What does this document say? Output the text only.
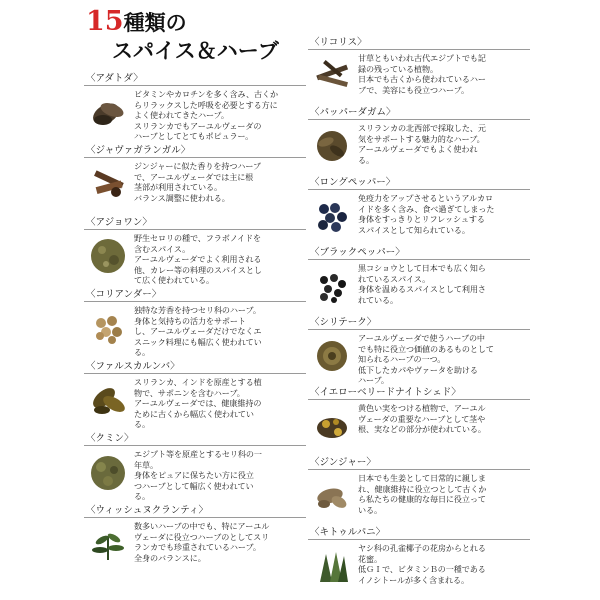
15種類の
スパイス＆ハーブ
〈アダトダ〉
ビタミンやカロチンを多く含み、古くか
らリラックスした呼吸を必要とする方に
よく使われてきたハーブ。
スリランカでもアーユルヴェーダの
ハーブとしてとてもポピュラー。
〈ジャヴァガランガル〉
ジンジャーに似た香りを持つハーブ
で、アーユルヴェーダでは主に根
茎部が利用されている。
バランス調整に使われる。
〈アジョワン〉
野生セロリの種で、フラボノイドを
含むスパイス。
アーユルヴェーダでよく利用される
他、カレー等の料理のスパイスとし
て広く使われている。
〈コリアンダー〉
独特な芳香を持つセリ科のハーブ。
身体と気持ちの活力をサポート
し、アーユルヴェーダだけでなくエ
スニック料理にも幅広く使われてい
る。
〈ファルスカルンバ〉
スリランカ、インドを原産とする植
物で、サポニンを含むハーブ。
アーユルヴェーダでは、健康維持の
ために古くから幅広く使われてい
る。
〈クミン〉
エジプト等を原産とするセリ科の一
年草。
身体をピュアに保ちたい方に役立
つハーブとして幅広く使われてい
る。
〈ウィッシュヌクランティ〉
数多いハーブの中でも、特にアーユル
ヴェーダに役立つハーブのとしてスリ
ランカでも珍重されているハーブ。
全身のバランスに。
〈リコリス〉
甘草ともいわれ古代エジプトでも記
録の残っている植物。
日本でも古くから使われているハー
ブで、美容にも役立つハーブ。
〈パッパーダガム〉
スリランカの北西部で採取した、元
気をサポートする魅力的なハーブ。
アーユルヴェーダでもよく使われ
る。
〈ロングペッパー〉
免疫力をアップさせるというアルカロ
イドを多く含み、食べ過ぎてしまった
身体をすっきりとリフレッシュする
スパイスとして知られている。
〈ブラックペッパー〉
黒コショウとして日本でも広く知ら
れているスパイス。
身体を温めるスパイスとして利用さ
れている。
〈シリテーク〉
アーユルヴェーダで使うハーブの中
でも特に役立つ価値のあるものとして
知られるハーブの一つ。
低下したカパやヴァータを助ける
ハーブ。
〈イエローベリードナイトシェド〉
黄色い実をつける植物で、アーユル
ヴェーダの重要なハーブとして茎や
根、実などの部分が使われている。
〈ジンジャー〉
日本でも生姜として日常的に親しま
れ、健康維持に役立つとして古くか
ら私たちの健康的な毎日に役立って
いる。
〈キトゥルパニ〉
ヤシ科の孔雀椰子の花房からとれる
花蜜。
低ＧＩで、ビタミンＢの一種である
イノシトールが多く含まれる。
